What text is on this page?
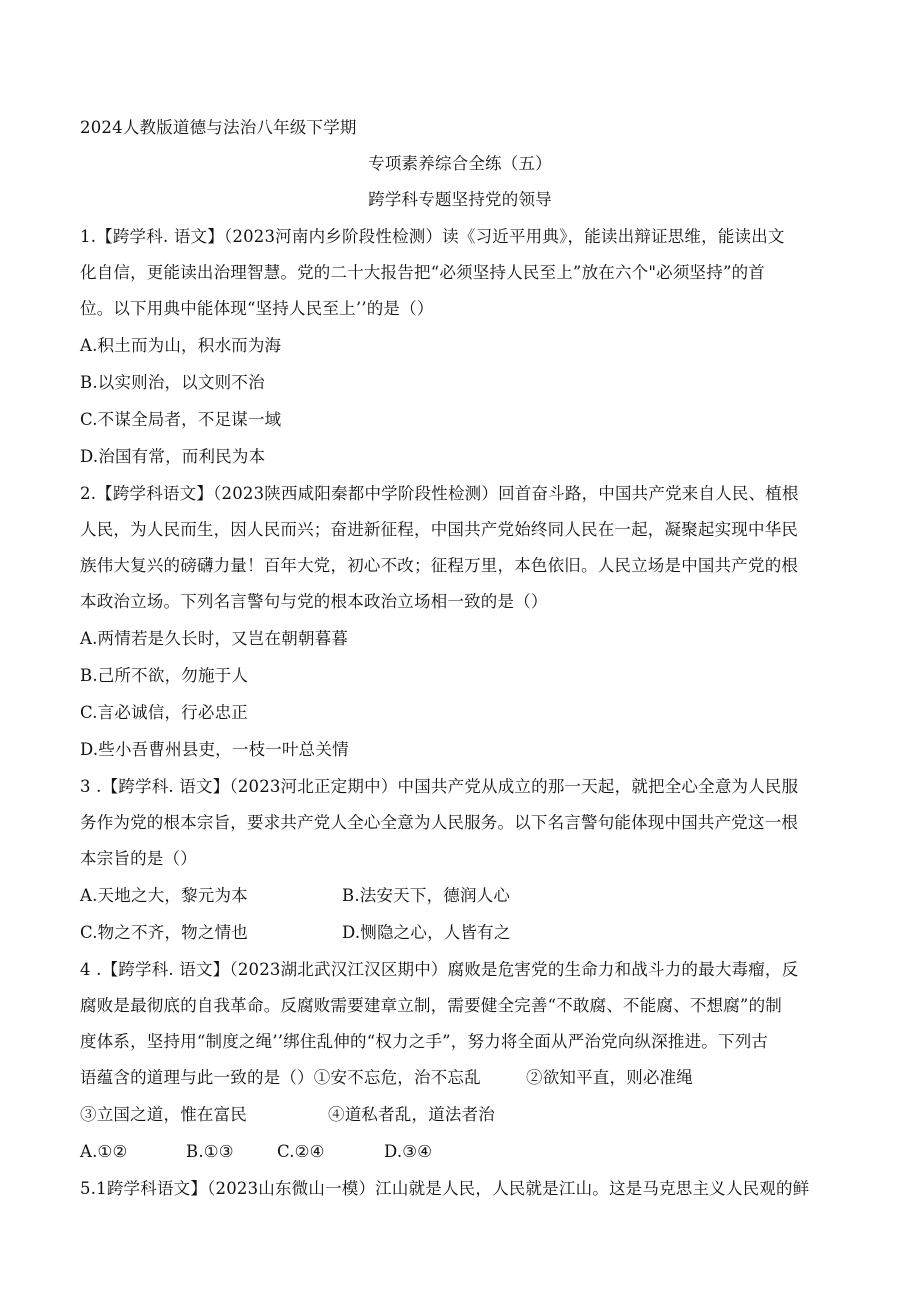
2024人教版道德与法治八年级下学期
专项素养综合全练（五）
跨学科专题坚持党的领导
1.【跨学科. 语文】（2023河南内乡阶段性检测）读《习近平用典》，能读出辩证思维，能读出文
化自信，更能读出治理智慧。党的二十大报告把“必须坚持人民至上”放在六个"必须坚持”的首
位。以下用典中能体现“坚持人民至上’’的是（）
A.积土而为山，积水而为海
B.以实则治，以文则不治
C.不谋全局者，不足谋一域
D.治国有常，而利民为本
2.【跨学科语文】（2023陕西咸阳秦都中学阶段性检测）回首奋斗路，中国共产党来自人民、植根
人民，为人民而生，因人民而兴；奋进新征程，中国共产党始终同人民在一起，凝聚起实现中华民
族伟大复兴的磅礴力量！百年大党，初心不改；征程万里，本色依旧。人民立场是中国共产党的根
本政治立场。下列名言警句与党的根本政治立场相一致的是（）
A.两情若是久长时，又岂在朝朝暮暮
B.己所不欲，勿施于人
C.言必诚信，行必忠正
D.些小吾曹州县吏，一枝一叶总关情
3 .【跨学科. 语文】（2023河北正定期中）中国共产党从成立的那一天起，就把全心全意为人民服
务作为党的根本宗旨，要求共产党人全心全意为人民服务。以下名言警句能体现中国共产党这一根
本宗旨的是（）
A.天地之大，黎元为本	B.法安天下，德润人心
C.物之不齐，物之情也	D.恻隐之心，人皆有之
4 .【跨学科. 语文】（2023湖北武汉江汉区期中）腐败是危害党的生命力和战斗力的最大毒瘤，反
腐败是最彻底的自我革命。反腐败需要建章立制，需要健全完善“不敢腐、不能腐、不想腐”的制
度体系，坚持用“制度之绳’’绑住乱伸的“权力之手”，努力将全面从严治党向纵深推进。下列古
语蕴含的道理与此一致的是（）①安不忘危，治不忘乱	②欲知平直，则必准绳
③立国之道，惟在富民	④道私者乱，道法者治
A.①②	B.①③	C.②④	D.③④
5.1跨学科语文】（2023山东微山一模）江山就是人民，人民就是江山。这是马克思主义人民观的鲜
